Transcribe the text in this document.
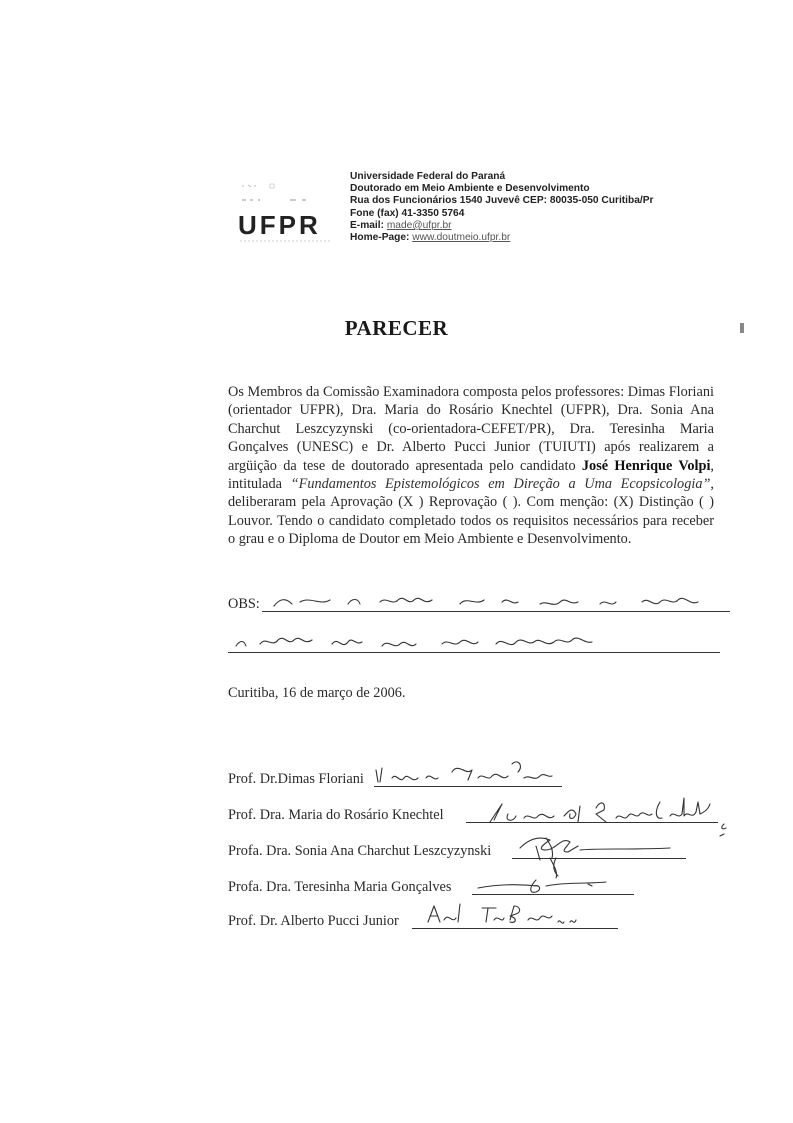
UFPR
Universidade Federal do Paraná
Doutorado em Meio Ambiente e Desenvolvimento
Rua dos Funcionários 1540 Juvevê CEP: 80035-050 Curitiba/Pr
Fone (fax) 41-3350 5764
E-mail: made@ufpr.br
Home-Page: www.doutmeio.ufpr.br
PARECER
Os Membros da Comissão Examinadora composta pelos professores: Dimas Floriani (orientador UFPR), Dra. Maria do Rosário Knechtel (UFPR), Dra. Sonia Ana Charchut Leszcyzynski (co-orientadora-CEFET/PR), Dra. Teresinha Maria Gonçalves (UNESC) e Dr. Alberto Pucci Junior (TUIUTI) após realizarem a argüição da tese de doutorado apresentada pelo candidato José Henrique Volpi, intitulada “Fundamentos Epistemológicos em Direção a Uma Ecopsicologia”, deliberaram pela Aprovação (X ) Reprovação ( ). Com menção: (X) Distinção ( ) Louvor. Tendo o candidato completado todos os requisitos necessários para receber o grau e o Diploma de Doutor em Meio Ambiente e Desenvolvimento.
OBS:
Curitiba, 16 de março de 2006.
Prof. Dr.Dimas Floriani
Prof. Dra. Maria do Rosário Knechtel
Profa. Dra. Sonia Ana Charchut Leszcyzynski
Profa. Dra. Teresinha Maria Gonçalves
Prof. Dr. Alberto Pucci Junior
